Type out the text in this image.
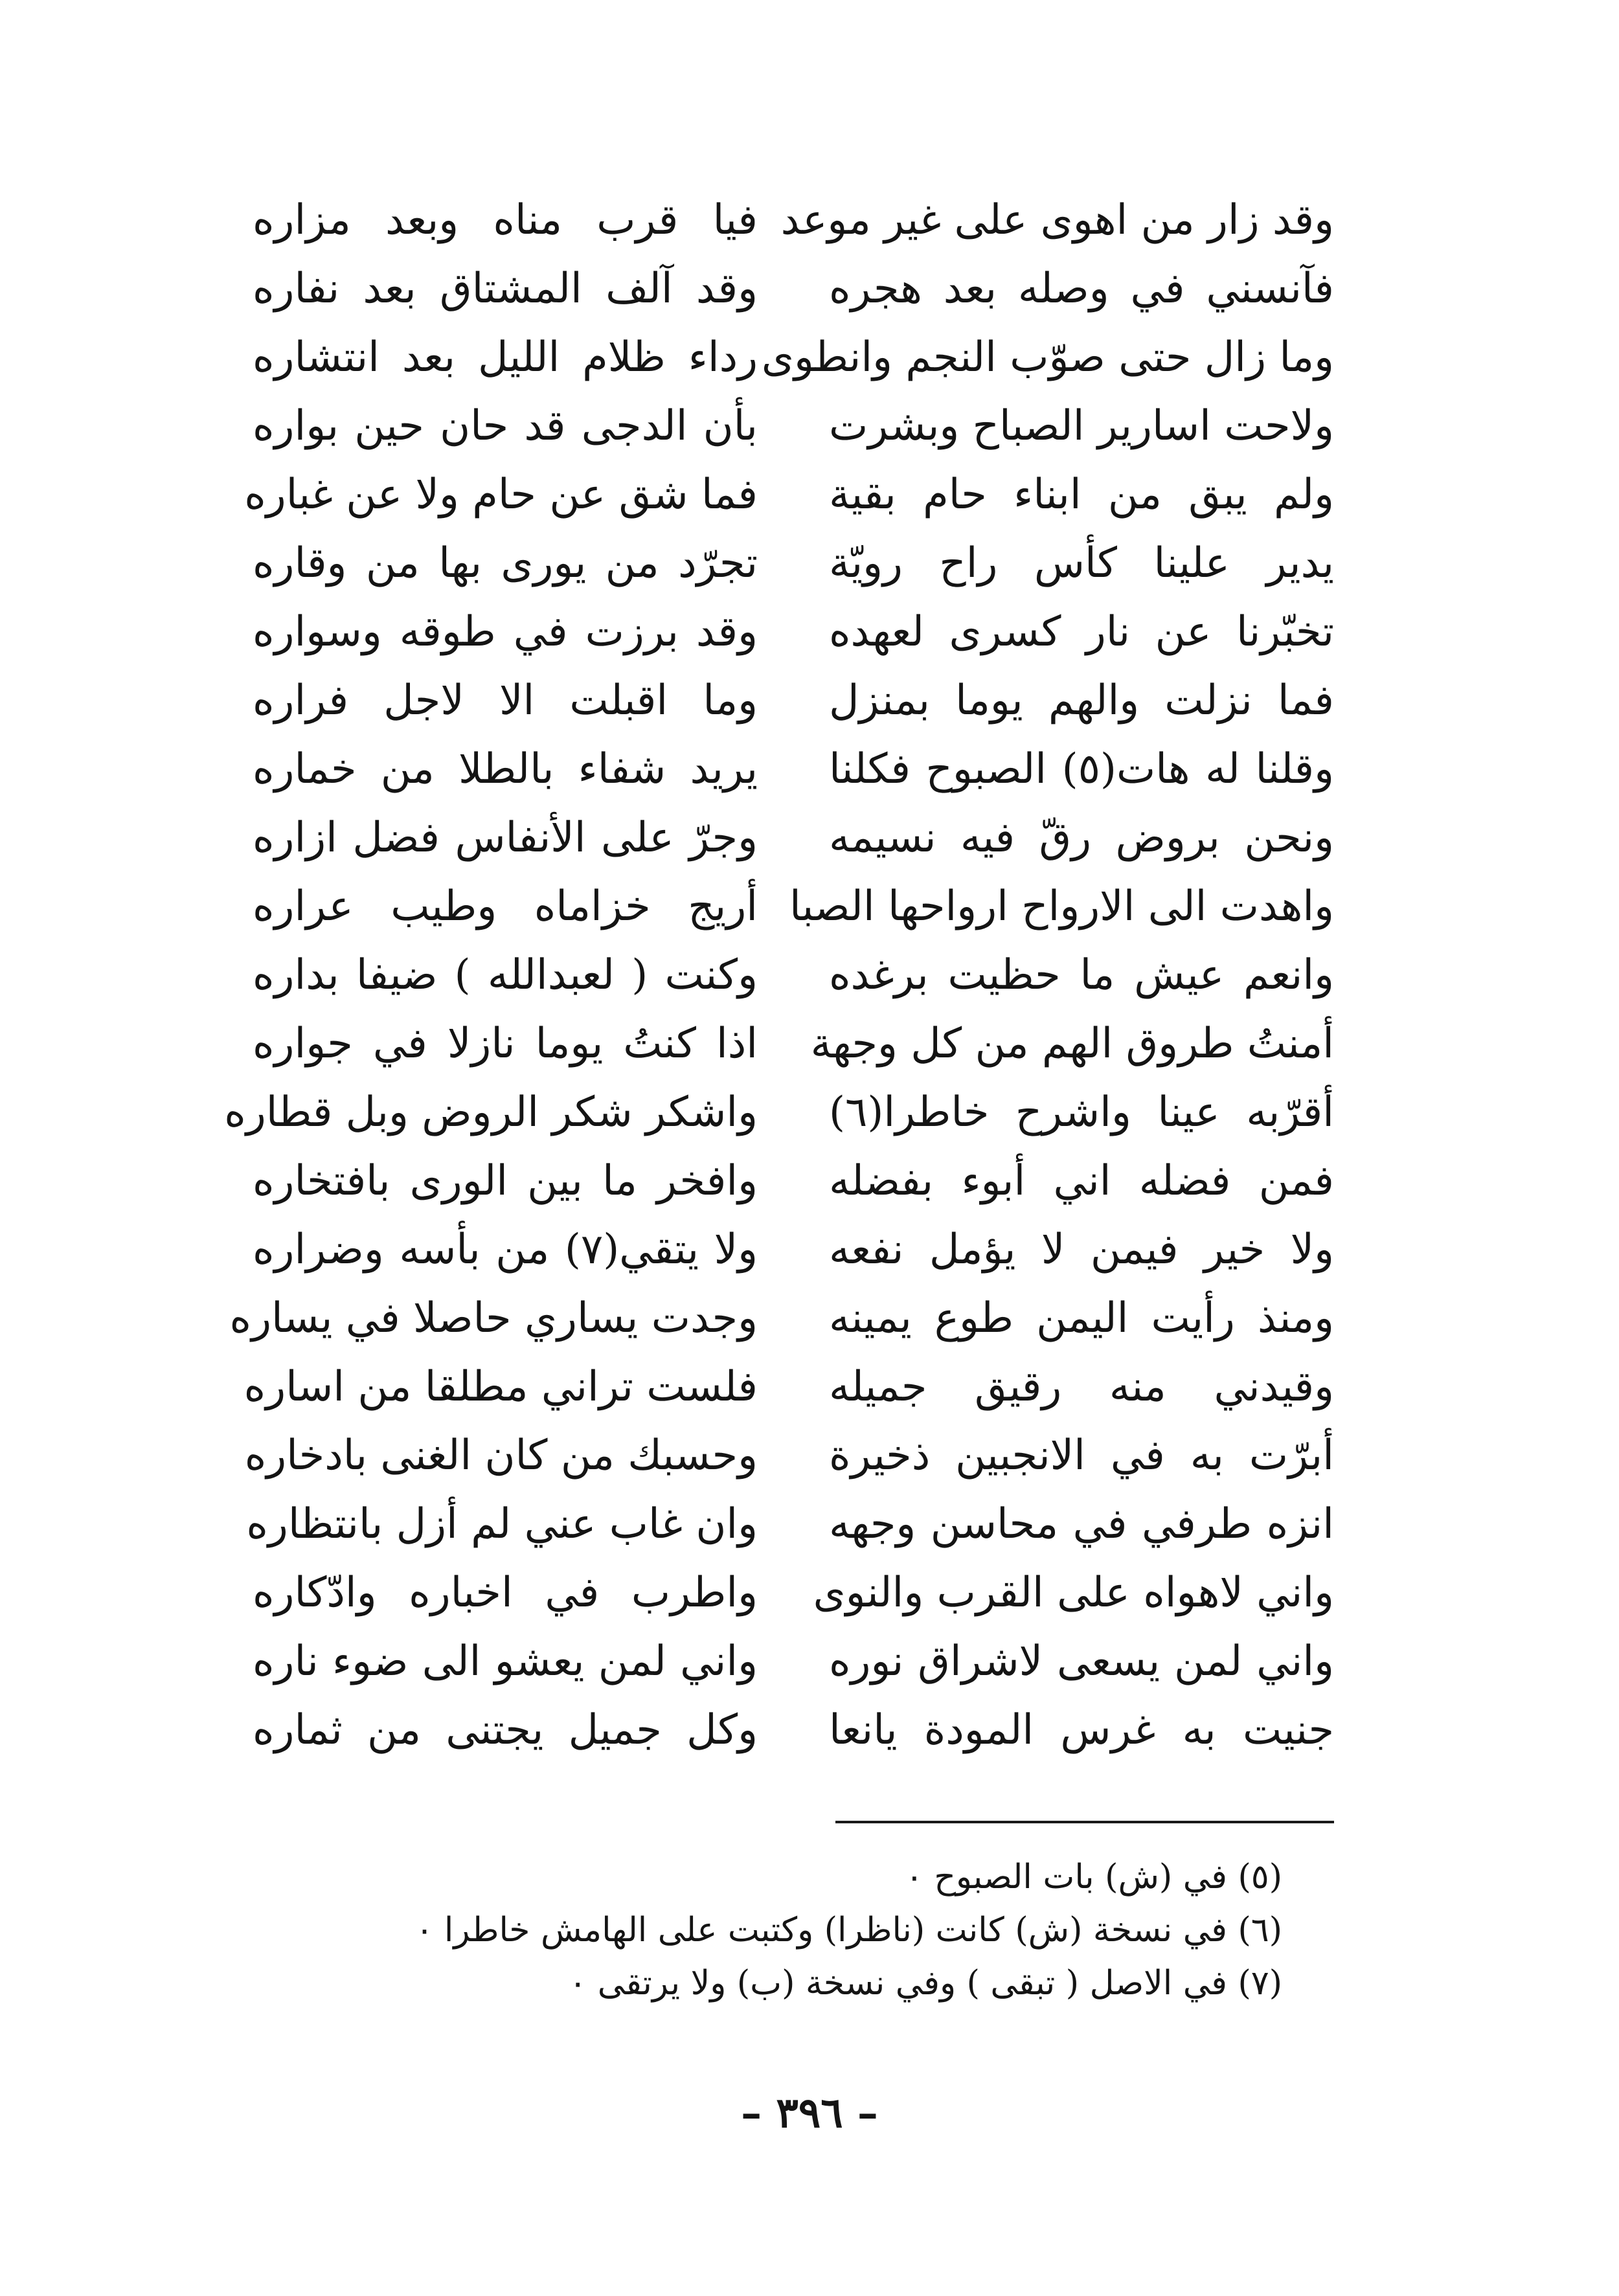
وقد زار من اهوى على غير موعد
فيا قرب مناه وبعد مزاره
فآنسني في وصله بعد هجره
وقد آلف المشتاق بعد نفاره
وما زال حتى صوّب النجم وانطوى
رداء ظلام الليل بعد انتشاره
ولاحت اسارير الصباح وبشرت
بأن الدجى قد حان حين بواره
ولم يبق من ابناء حام بقية
فما شق عن حام ولا عن غباره
يدير علينا كأس راح رويّة
تجرّد من يورى بها من وقاره
تخبّرنا عن نار كسرى لعهده
وقد برزت في طوقه وسواره
فما نزلت والهم يوما بمنزل
وما اقبلت الا لاجل فراره
وقلنا له هات(٥) الصبوح فكلنا
يريد شفاء بالطلا من خماره
ونحن بروض رقّ فيه نسيمه
وجرّ على الأنفاس فضل ازاره
واهدت الى الارواح ارواحها الصبا
أريج خزاماه وطيب عراره
وانعم عيش ما حظيت برغده
وكنت ( لعبدالله ) ضيفا بداره
أمنتُ طروق الهم من كل وجهة
اذا كنتُ يوما نازلا في جواره
أقرّبه عينا واشرح خاطرا(٦)
واشكر شكر الروض وبل قطاره
فمن فضله اني أبوء بفضله
وافخر ما بين الورى بافتخاره
ولا خير فيمن لا يؤمل نفعه
ولا يتقي(٧) من بأسه وضراره
ومنذ رأيت اليمن طوع يمينه
وجدت يساري حاصلا في يساره
وقيدني منه رقيق جميله
فلست تراني مطلقا من اساره
أبرّت به في الانجبين ذخيرة
وحسبك من كان الغنى بادخاره
انزه طرفي في محاسن وجهه
وان غاب عني لم أزل بانتظاره
واني لاهواه على القرب والنوى
واطرب في اخباره وادّكاره
واني لمن يسعى لاشراق نوره
واني لمن يعشو الى ضوء ناره
جنيت به غرس المودة يانعا
وكل جميل يجتنى من ثماره
(٥) في (ش) بات الصبوح ٠
(٦) في نسخة (ش) كانت (ناظرا) وكتبت على الهامش خاطرا ٠
(٧) في الاصل ( تبقى ) وفي نسخة (ب) ولا يرتقى ٠
– ٣٩٦ –
